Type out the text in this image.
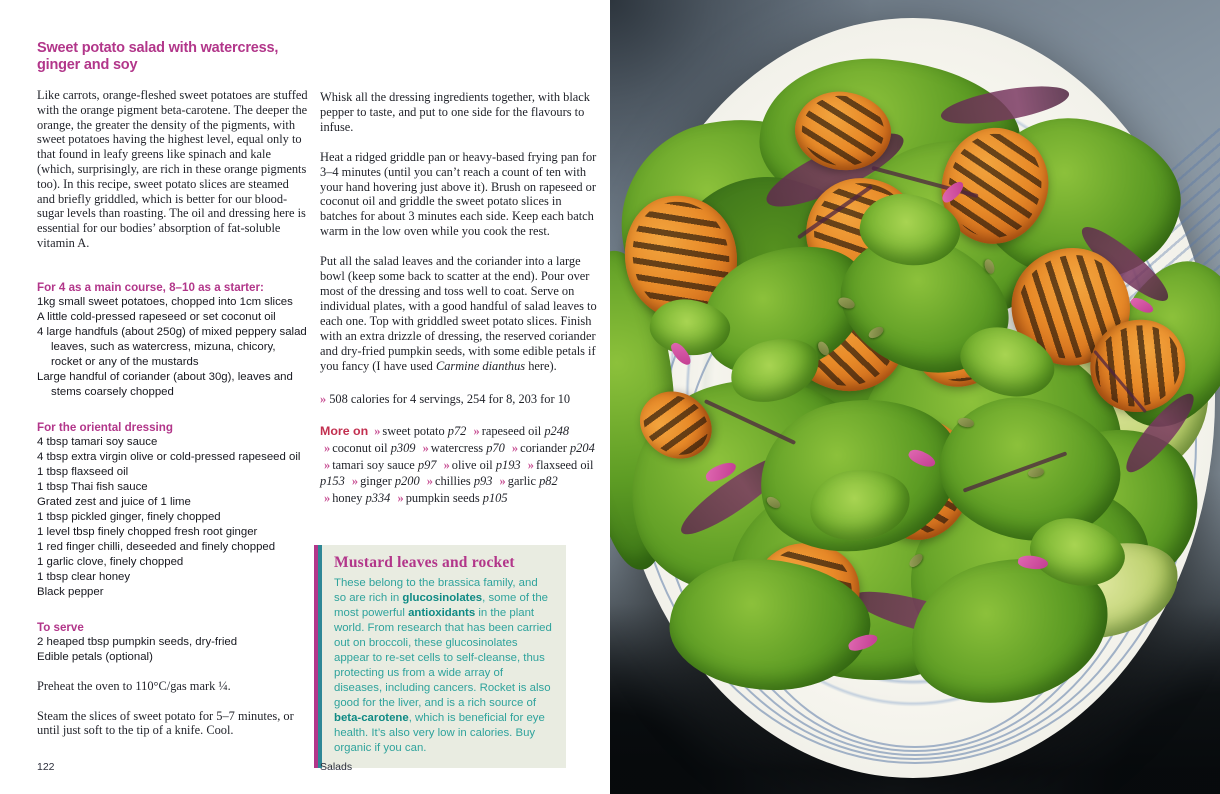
Sweet potato salad with watercress, ginger and soy

Like carrots, orange-fleshed sweet potatoes are stuffed with the orange pigment beta-carotene. The deeper the orange, the greater the density of the pigments, with sweet potatoes having the highest level, equal only to that found in leafy greens like spinach and kale (which, surprisingly, are rich in these orange pigments too). In this recipe, sweet potato slices are steamed and briefly griddled, which is better for our blood-sugar levels than roasting. The oil and dressing here is essential for our bodies’ absorption of fat-soluble vitamin A.

For 4 as a main course, 8–10 as a starter:
1kg small sweet potatoes, chopped into 1cm slices
A little cold-pressed rapeseed or set coconut oil
4 large handfuls (about 250g) of mixed peppery salad leaves, such as watercress, mizuna, chicory, rocket or any of the mustards
Large handful of coriander (about 30g), leaves and stems coarsely chopped
For the oriental dressing
4 tbsp tamari soy sauce
4 tbsp extra virgin olive or cold-pressed rapeseed oil
1 tbsp flaxseed oil
1 tbsp Thai fish sauce
Grated zest and juice of 1 lime
1 tbsp pickled ginger, finely chopped
1 level tbsp finely chopped fresh root ginger
1 red finger chilli, deseeded and finely chopped
1 garlic clove, finely chopped
1 tbsp clear honey
Black pepper
To serve
2 heaped tbsp pumpkin seeds, dry-fried
Edible petals (optional)

Preheat the oven to 110°C/gas mark ¼.

Steam the slices of sweet potato for 5–7 minutes, or until just soft to the tip of a knife. Cool.

Whisk all the dressing ingredients together, with black pepper to taste, and put to one side for the flavours to infuse.

Heat a ridged griddle pan or heavy-based frying pan for 3–4 minutes (until you can’t reach a count of ten with your hand hovering just above it). Brush on rapeseed or coconut oil and griddle the sweet potato slices in batches for about 3 minutes each side. Keep each batch warm in the low oven while you cook the rest.

Put all the salad leaves and the coriander into a large bowl (keep some back to scatter at the end). Pour over most of the dressing and toss well to coat. Serve on individual plates, with a good handful of salad leaves to each one. Top with griddled sweet potato slices. Finish with an extra drizzle of dressing, the reserved coriander and dry-fried pumpkin seeds, with some edible petals if you fancy (I have used Carmine dianthus here).

» 508 calories for 4 servings, 254 for 8, 203 for 10

More on » sweet potato p72 » rapeseed oil p248 » coconut oil p309 » watercress p70 » coriander p204 » tamari soy sauce p97 » olive oil p193 » flaxseed oil p153 » ginger p200 » chillies p93 » garlic p82 » honey p334 » pumpkin seeds p105

Mustard leaves and rocket
These belong to the brassica family, and so are rich in glucosinolates, some of the most powerful antioxidants in the plant world. From research that has been carried out on broccoli, these glucosinolates appear to re-set cells to self-cleanse, thus protecting us from a wide array of diseases, including cancers. Rocket is also good for the liver, and is a rich source of beta-carotene, which is beneficial for eye health. It’s also very low in calories. Buy organic if you can.
122	Salads
